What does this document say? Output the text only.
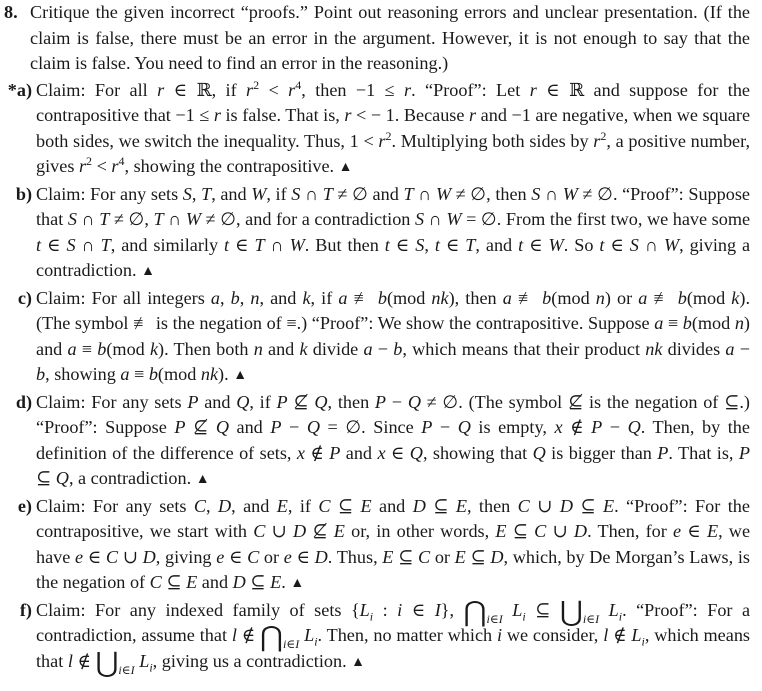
8. Critique the given incorrect “proofs.” Point out reasoning errors and unclear presentation. (If the claim is false, there must be an error in the argument. However, it is not enough to say that the claim is false. You need to find an error in the reasoning.)

*a) Claim: For all r ∈ ℝ, if $r^2 < r^4$, then −1 ≤ r. “Proof”: Let r ∈ ℝ and suppose for the contrapositive that −1 ≤ r is false. That is, r < − 1. Because r and −1 are negative, when we square both sides, we switch the inequality. Thus, $1 < r^2$. Multiplying both sides by $r^2$, a positive number, gives $r^2 < r^4$, showing the contrapositive. ▲

b) Claim: For any sets S, T, and W, if S ∩ T ≠ ∅ and T ∩ W ≠ ∅, then S ∩ W ≠ ∅. “Proof”: Suppose that S ∩ T ≠ ∅, T ∩ W ≠ ∅, and for a contradiction S ∩ W = ∅. From the first two, we have some t ∈ S ∩ T, and similarly t ∈ T ∩ W. But then t ∈ S, t ∈ T, and t ∈ W. So t ∈ S ∩ W, giving a contradiction. ▲

c) Claim: For all integers a, b, n, and k, if a ≢ b(mod nk), then a ≢ b(mod n) or a ≢ b(mod k). (The symbol ≢ is the negation of ≡.) “Proof”: We show the contrapositive. Suppose a ≡ b(mod n) and a ≡ b(mod k). Then both n and k divide a − b, which means that their product nk divides a − b, showing a ≡ b(mod nk). ▲

d) Claim: For any sets P and Q, if P ⊈ Q, then P − Q ≠ ∅. (The symbol ⊈ is the negation of ⊆.) “Proof”: Suppose P ⊈ Q and P − Q = ∅. Since P − Q is empty, x ∉ P − Q. Then, by the definition of the difference of sets, x ∉ P and x ∈ Q, showing that Q is bigger than P. That is, P ⊆ Q, a contradiction. ▲

e) Claim: For any sets C, D, and E, if C ⊆ E and D ⊆ E, then C ∪ D ⊆ E. “Proof”: For the contrapositive, we start with C ∪ D ⊈ E or, in other words, E ⊆ C ∪ D. Then, for e ∈ E, we have e ∈ C ∪ D, giving e ∈ C or e ∈ D. Thus, E ⊆ C or E ⊆ D, which, by De Morgan’s Laws, is the negation of C ⊆ E and D ⊆ E. ▲

f) Claim: For any indexed family of sets {$L_i$ : i ∈ I}, $⋂_{i\in I}$ $L_i$ ⊆ $⋃_{i\in I}$ $L_i$. “Proof”: For a contradiction, assume that l ∉ $⋂_{i\in I}$ $L_i$. Then, no matter which i we consider, l ∉ $L_i$, which means that l ∉ $⋃_{i\in I}$ $L_i$, giving us a contradiction. ▲
